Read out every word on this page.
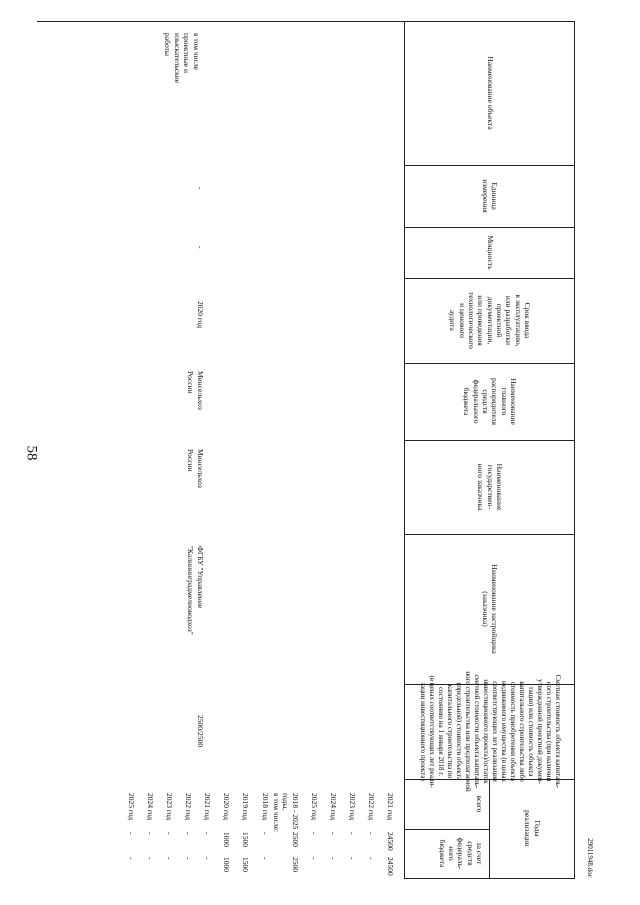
58
29011948.doc
Наименование объекта
Единица
измерения
Мощность
Срок ввода
в эксплуатацию,
или разработки
проектной
документации,
или проведения
технологического
и ценового
аудита
Наименование
главного
распорядителя
средств
федерального
бюджета
Наименование
государствен-
ного заказчика
Наименование застройщика
(заказчика)
Сметная стоимость объекта капиталь-
ного строительства (при наличии
утвержденной проектной докумен-
тации) или стоимость объекта
капитального строительства либо
стоимость приобретения объекта
недвижимого имущества (в ценах
соответствующих лет реализации
инвестиционного проекта)/остаток
сметной стоимости объекта капиталь-
ного строительства или предполагаемой
(предельной) стоимости объекта
капитального строительства по
состоянию на 1 января 2018 г.
(в ценах соответствующих лет реали-
зации инвестиционного проекта)
Годы
реализации
всего
за счет
средств
федераль-
ного
бюджета
в том числе
проектные и
изыскательские
работы
-
-
2020 год
Минсельхоз
России
Минсельхоз
России
ФГБУ "Управление
"Калининградмелиоводхоз"
2500/2500
2021 год
24500
24500
2022 год
-
-
2023 год
-
-
2024 год
-
-
2025 год
-
-
2018 - 2025
годы,
в том числе:
2500
2500
2018 год
-
-
2019 год
1500
1500
2020 год
1000
1000
2021 год
-
-
2022 год
-
-
2023 год
-
-
2024 год
-
-
2025 год
-
-
